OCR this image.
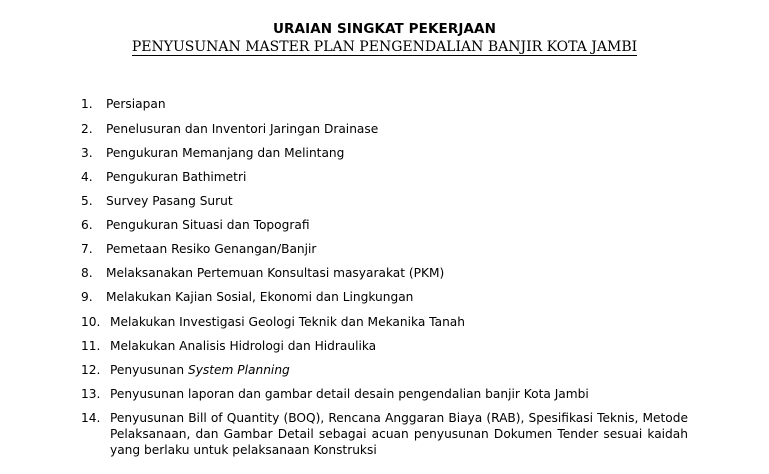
URAIAN SINGKAT PEKERJAAN
PENYUSUNAN MASTER PLAN PENGENDALIAN BANJIR KOTA JAMBI
1. Persiapan
2. Penelusuran dan Inventori Jaringan Drainase
3. Pengukuran Memanjang dan Melintang
4. Pengukuran Bathimetri
5. Survey Pasang Surut
6. Pengukuran Situasi dan Topografi
7. Pemetaan Resiko Genangan/Banjir
8. Melaksanakan Pertemuan Konsultasi masyarakat (PKM)
9. Melakukan Kajian Sosial, Ekonomi dan Lingkungan
10. Melakukan Investigasi Geologi Teknik dan Mekanika Tanah
11. Melakukan Analisis Hidrologi dan Hidraulika
12. Penyusunan System Planning
13. Penyusunan laporan dan gambar detail desain pengendalian banjir Kota Jambi
14. Penyusunan Bill of Quantity (BOQ), Rencana Anggaran Biaya (RAB), Spesifikasi Teknis, Metode Pelaksanaan, dan Gambar Detail sebagai acuan penyusunan Dokumen Tender sesuai kaidah yang berlaku untuk pelaksanaan Konstruksi
